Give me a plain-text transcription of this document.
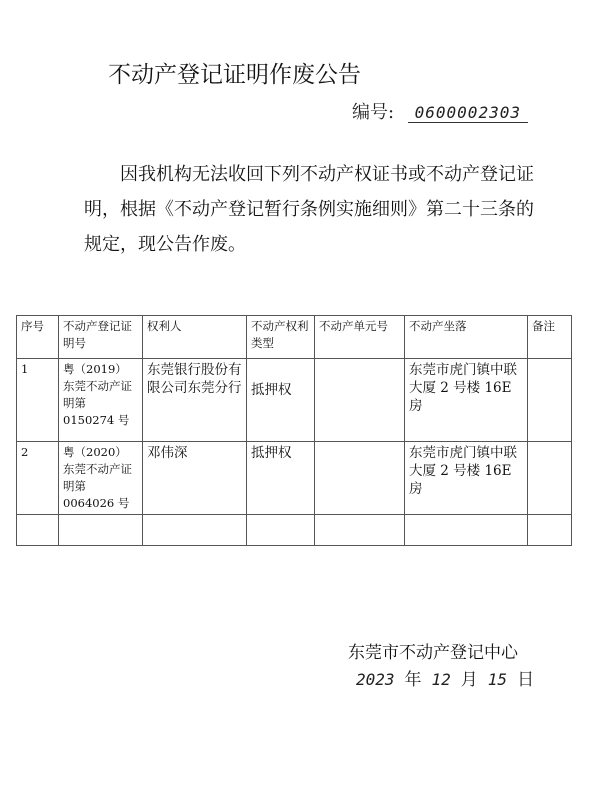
不动产登记证明作废公告
编号: 0600002303
因我机构无法收回下列不动产权证书或不动产登记证明，根据《不动产登记暂行条例实施细则》第二十三条的规定，现公告作废。
序号	不动产登记证明号	权利人	不动产权利类型	不动产单元号	不动产坐落	备注
1	粤（2019）东莞不动产证明第 0150274 号	东莞银行股份有限公司东莞分行	抵押权		东莞市虎门镇中联大厦 2 号楼 16E 房	
2	粤（2020）东莞不动产证明第 0064026 号	邓伟深	抵押权		东莞市虎门镇中联大厦 2 号楼 16E 房	

东莞市不动产登记中心
2023 年 12 月 15 日
